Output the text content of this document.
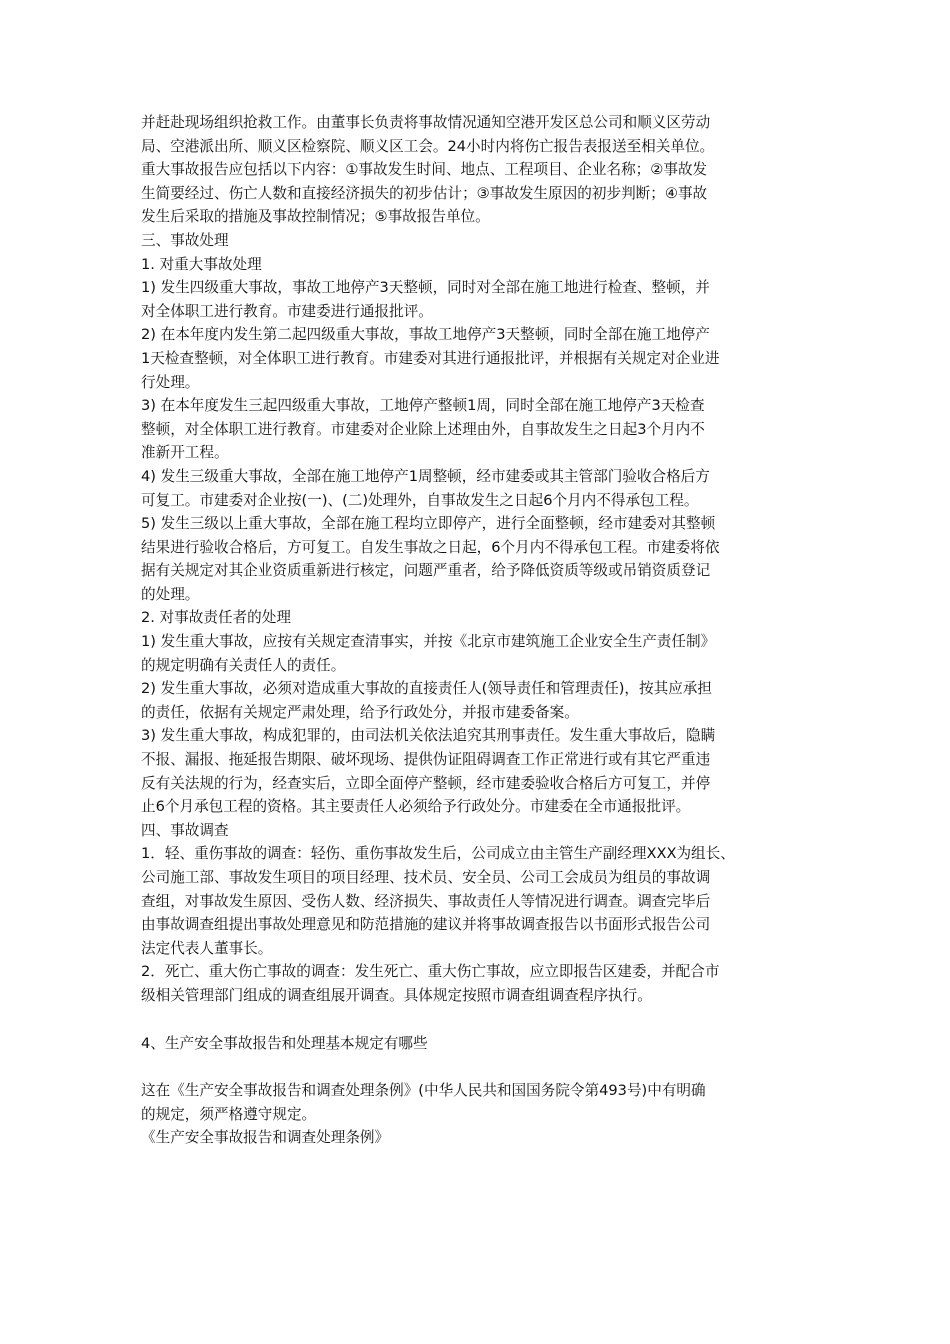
并赶赴现场组织抢救工作。由董事长负责将事故情况通知空港开发区总公司和顺义区劳动

局、空港派出所、顺义区检察院、顺义区工会。24小时内将伤亡报告表报送至相关单位。

重大事故报告应包括以下内容：①事故发生时间、地点、工程项目、企业名称；②事故发

生简要经过、伤亡人数和直接经济损失的初步估计；③事故发生原因的初步判断；④事故

发生后采取的措施及事故控制情况；⑤事故报告单位。

三、事故处理

1. 对重大事故处理

1) 发生四级重大事故，事故工地停产3天整顿，同时对全部在施工地进行检查、整顿，并

对全体职工进行教育。市建委进行通报批评。

2) 在本年度内发生第二起四级重大事故，事故工地停产3天整顿，同时全部在施工地停产

1天检查整顿，对全体职工进行教育。市建委对其进行通报批评，并根据有关规定对企业进

行处理。

3) 在本年度发生三起四级重大事故，工地停产整顿1周，同时全部在施工地停产3天检查

整顿，对全体职工进行教育。市建委对企业除上述理由外，自事故发生之日起3个月内不

准新开工程。

4) 发生三级重大事故，全部在施工地停产1周整顿，经市建委或其主管部门验收合格后方

可复工。市建委对企业按(一)、(二)处理外，自事故发生之日起6个月内不得承包工程。

5) 发生三级以上重大事故，全部在施工程均立即停产，进行全面整顿，经市建委对其整顿

结果进行验收合格后，方可复工。自发生事故之日起，6个月内不得承包工程。市建委将依

据有关规定对其企业资质重新进行核定，问题严重者，给予降低资质等级或吊销资质登记

的处理。

2. 对事故责任者的处理

1) 发生重大事故，应按有关规定查清事实，并按《北京市建筑施工企业安全生产责任制》

的规定明确有关责任人的责任。

2) 发生重大事故，必须对造成重大事故的直接责任人(领导责任和管理责任)，按其应承担

的责任，依据有关规定严肃处理，给予行政处分，并报市建委备案。

3) 发生重大事故，构成犯罪的，由司法机关依法追究其刑事责任。发生重大事故后，隐瞒

不报、漏报、拖延报告期限、破坏现场、提供伪证阻碍调查工作正常进行或有其它严重违

反有关法规的行为，经查实后，立即全面停产整顿，经市建委验收合格后方可复工，并停

止6个月承包工程的资格。其主要责任人必须给予行政处分。市建委在全市通报批评。

四、事故调查

1．轻、重伤事故的调查：轻伤、重伤事故发生后，公司成立由主管生产副经理XXX为组长、

公司施工部、事故发生项目的项目经理、技术员、安全员、公司工会成员为组员的事故调

查组，对事故发生原因、受伤人数、经济损失、事故责任人等情况进行调查。调查完毕后

由事故调查组提出事故处理意见和防范措施的建议并将事故调查报告以书面形式报告公司

法定代表人董事长。

2．死亡、重大伤亡事故的调查：发生死亡、重大伤亡事故，应立即报告区建委，并配合市

级相关管理部门组成的调查组展开调查。具体规定按照市调查组调查程序执行。

4、生产安全事故报告和处理基本规定有哪些

这在《生产安全事故报告和调查处理条例》(中华人民共和国国务院令第493号)中有明确

的规定，须严格遵守规定。

《生产安全事故报告和调查处理条例》
